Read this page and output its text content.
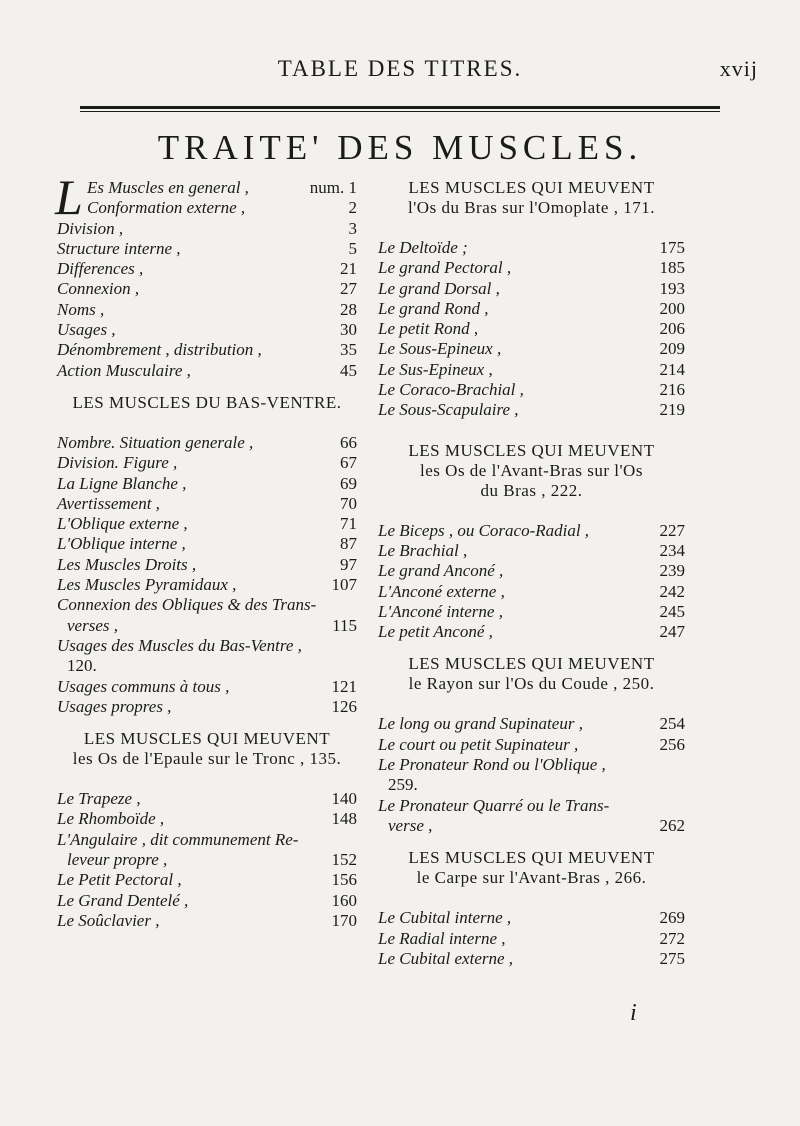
TABLE DES TITRES.	xvij
TRAITE' DES MUSCLES.
L Es Muscles en general ,	num. 1
Conformation externe ,	2
Division ,	3
Structure interne ,	5
Differences ,	21
Connexion ,	27
Noms ,	28
Usages ,	30
Dénombrement , distribution ,	35
Action Musculaire ,	45
LES MUSCLES DU BAS-VENTRE.
Nombre. Situation generale ,	66
Division. Figure ,	67
La Ligne Blanche ,	69
Avertissement ,	70
L'Oblique externe ,	71
L'Oblique interne ,	87
Les Muscles Droits ,	97
Les Muscles Pyramidaux ,	107
Connexion des Obliques & des Trans-
verses ,	115
Usages des Muscles du Bas-Ventre ,
120.
Usages communs à tous ,	121
Usages propres ,	126
LES MUSCLES QUI MEUVENT
les Os de l'Epaule sur le Tronc , 135.
Le Trapeze ,	140
Le Rhomboïde ,	148
L'Angulaire , dit communement Re-
leveur propre ,	152
Le Petit Pectoral ,	156
Le Grand Dentelé ,	160
Le Soûclavier ,	170
LES MUSCLES QUI MEUVENT
l'Os du Bras sur l'Omoplate , 171.
Le Deltoïde ;	175
Le grand Pectoral ,	185
Le grand Dorsal ,	193
Le grand Rond ,	200
Le petit Rond ,	206
Le Sous-Epineux ,	209
Le Sus-Epineux ,	214
Le Coraco-Brachial ,	216
Le Sous-Scapulaire ,	219
LES MUSCLES QUI MEUVENT
les Os de l'Avant-Bras sur l'Os
du Bras , 222.
Le Biceps , ou Coraco-Radial ,	227
Le Brachial ,	234
Le grand Anconé ,	239
L'Anconé externe ,	242
L'Anconé interne ,	245
Le petit Anconé ,	247
LES MUSCLES QUI MEUVENT
le Rayon sur l'Os du Coude , 250.
Le long ou grand Supinateur ,	254
Le court ou petit Supinateur ,	256
Le Pronateur Rond ou l'Oblique ,
259.
Le Pronateur Quarré ou le Trans-
verse ,	262
LES MUSCLES QUI MEUVENT
le Carpe sur l'Avant-Bras , 266.
Le Cubital interne ,	269
Le Radial interne ,	272
Le Cubital externe ,	275
i
